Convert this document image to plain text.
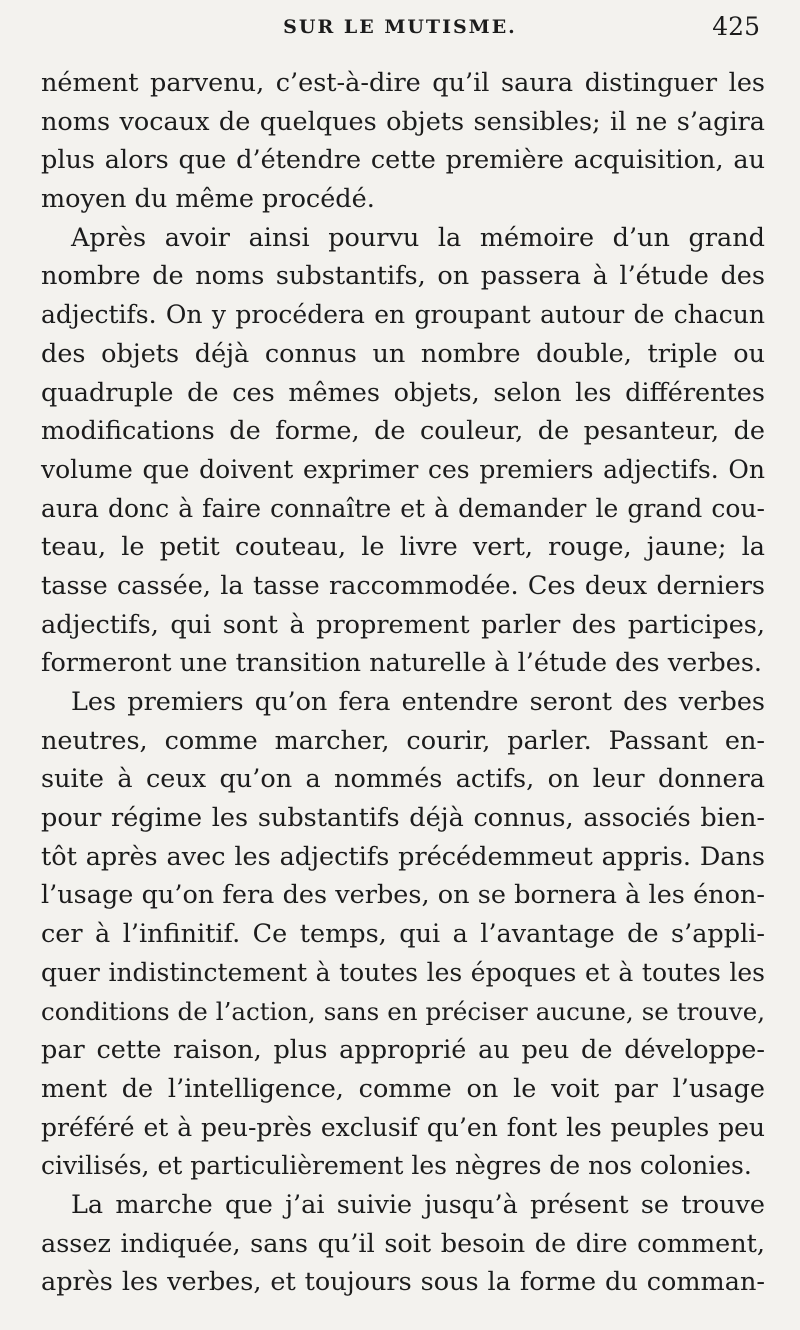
SUR LE MUTISME.	425
nément parvenu, c’est-à-dire qu’il saura distinguer les
noms vocaux de quelques objets sensibles; il ne s’agira
plus alors que d’étendre cette première acquisition, au
moyen du même procédé.
Après avoir ainsi pourvu la mémoire d’un grand
nombre de noms substantifs, on passera à l’étude des
adjectifs. On y procédera en groupant autour de chacun
des objets déjà connus un nombre double, triple ou
quadruple de ces mêmes objets, selon les différentes
modifications de forme, de couleur, de pesanteur, de
volume que doivent exprimer ces premiers adjectifs. On
aura donc à faire connaître et à demander le grand cou-
teau, le petit couteau, le livre vert, rouge, jaune; la
tasse cassée, la tasse raccommodée. Ces deux derniers
adjectifs, qui sont à proprement parler des participes,
formeront une transition naturelle à l’étude des verbes.
Les premiers qu’on fera entendre seront des verbes
neutres, comme marcher, courir, parler. Passant en-
suite à ceux qu’on a nommés actifs, on leur donnera
pour régime les substantifs déjà connus, associés bien-
tôt après avec les adjectifs précédemmeut appris. Dans
l’usage qu’on fera des verbes, on se bornera à les énon-
cer à l’infinitif. Ce temps, qui a l’avantage de s’appli-
quer indistinctement à toutes les époques et à toutes les
conditions de l’action, sans en préciser aucune, se trouve,
par cette raison, plus approprié au peu de développe-
ment de l’intelligence, comme on le voit par l’usage
préféré et à peu-près exclusif qu’en font les peuples peu
civilisés, et particulièrement les nègres de nos colonies.
La marche que j’ai suivie jusqu’à présent se trouve
assez indiquée, sans qu’il soit besoin de dire comment,
après les verbes, et toujours sous la forme du comman-
